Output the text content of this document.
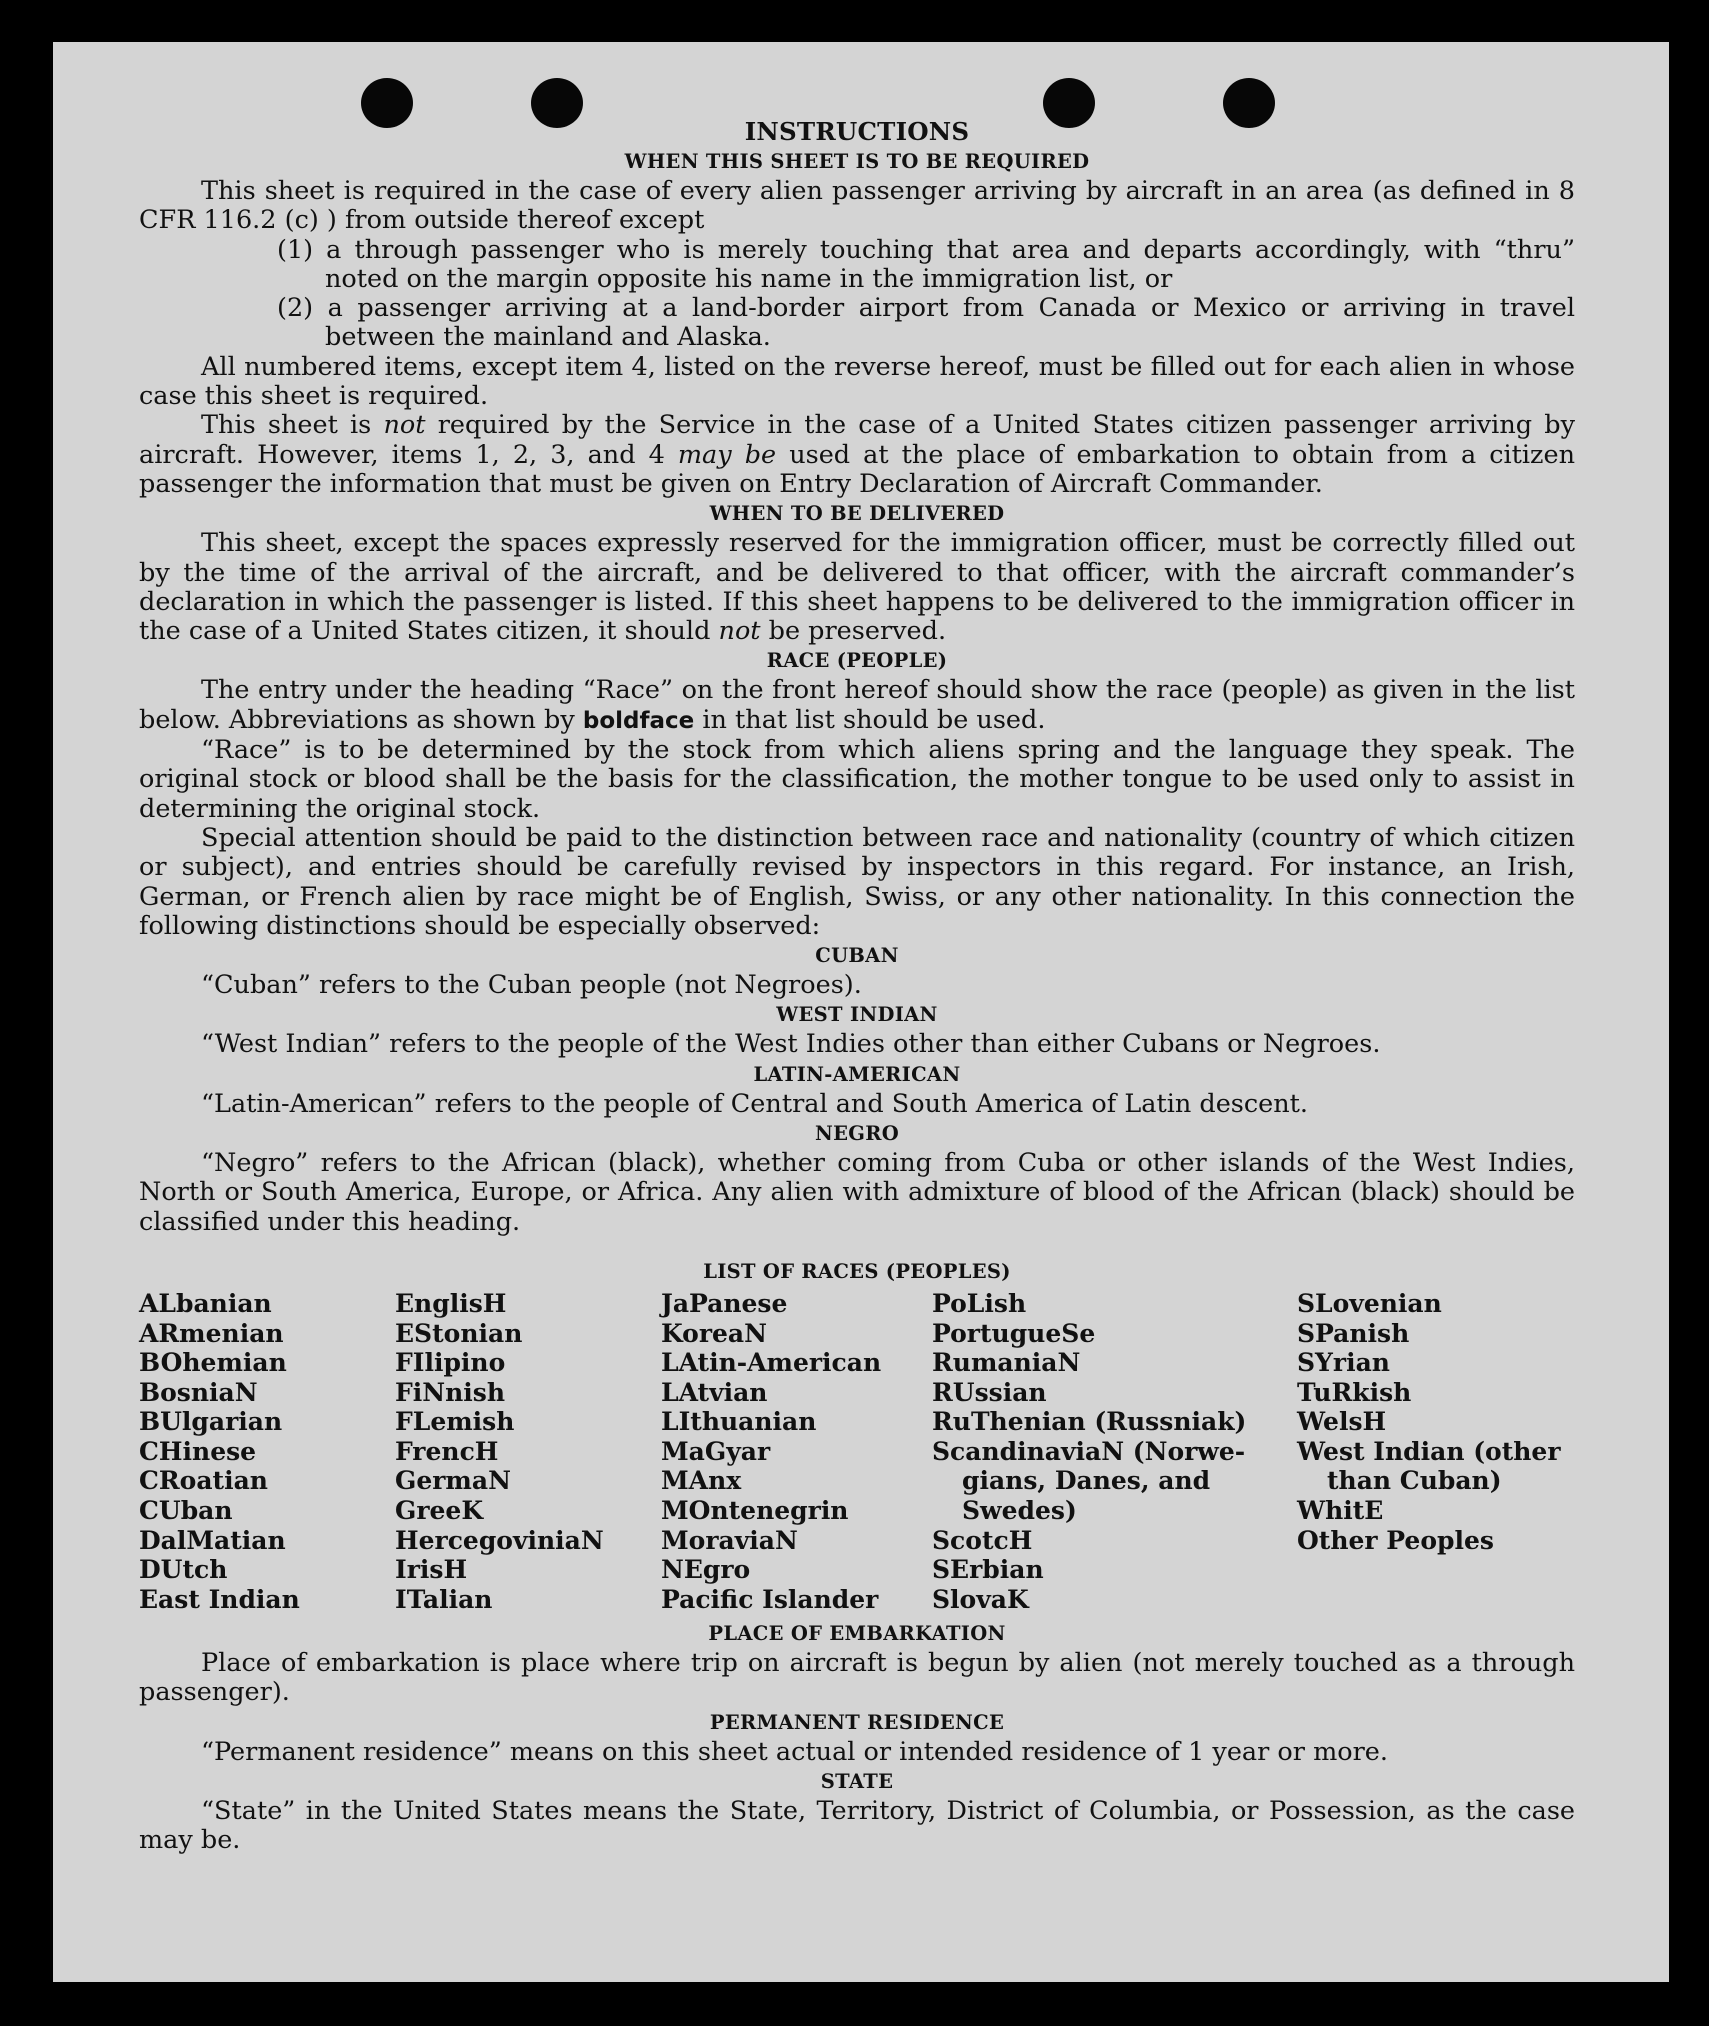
INSTRUCTIONS
WHEN THIS SHEET IS TO BE REQUIRED
This sheet is required in the case of every alien passenger arriving by aircraft in an area (as defined in 8 CFR 116.2 (c) ) from outside thereof except
(1) a through passenger who is merely touching that area and departs accordingly, with “thru” noted on the margin opposite his name in the immigration list, or
(2) a passenger arriving at a land-border airport from Canada or Mexico or arriving in travel between the mainland and Alaska.
All numbered items, except item 4, listed on the reverse hereof, must be filled out for each alien in whose case this sheet is required.
This sheet is not required by the Service in the case of a United States citizen passenger arriving by aircraft. However, items 1, 2, 3, and 4 may be used at the place of embarkation to obtain from a citizen passenger the information that must be given on Entry Declaration of Aircraft Commander.
WHEN TO BE DELIVERED
This sheet, except the spaces expressly reserved for the immigration officer, must be correctly filled out by the time of the arrival of the aircraft, and be delivered to that officer, with the aircraft commander’s declaration in which the passenger is listed. If this sheet happens to be delivered to the immigration officer in the case of a United States citizen, it should not be preserved.
RACE (PEOPLE)
The entry under the heading “Race” on the front hereof should show the race (people) as given in the list below. Abbreviations as shown by boldface in that list should be used.
“Race” is to be determined by the stock from which aliens spring and the language they speak. The original stock or blood shall be the basis for the classification, the mother tongue to be used only to assist in determining the original stock.
Special attention should be paid to the distinction between race and nationality (country of which citizen or subject), and entries should be carefully revised by inspectors in this regard. For instance, an Irish, German, or French alien by race might be of English, Swiss, or any other nationality. In this connection the following distinctions should be especially observed:
CUBAN
“Cuban” refers to the Cuban people (not Negroes).
WEST INDIAN
“West Indian” refers to the people of the West Indies other than either Cubans or Negroes.
LATIN-AMERICAN
“Latin-American” refers to the people of Central and South America of Latin descent.
NEGRO
“Negro” refers to the African (black), whether coming from Cuba or other islands of the West Indies, North or South America, Europe, or Africa. Any alien with admixture of blood of the African (black) should be classified under this heading.
LIST OF RACES (PEOPLES)
ALbanian
ARmenian
BOhemian
BosniaN
BUlgarian
CHinese
CRoatian
CUban
DalMatian
DUtch
East Indian
EnglisH
EStonian
FIlipino
FiNnish
FLemish
FrencH
GermaN
GreeK
HercegoviniaN
IrisH
ITalian
JaPanese
KoreaN
LAtin-American
LAtvian
LIthuanian
MaGyar
MAnx
MOntenegrin
MoraviaN
NEgro
Pacific Islander
PoLish
PortugueSe
RumaniaN
RUssian
RuThenian (Russniak)
ScandinaviaN (Norwe-
gians, Danes, and
Swedes)
ScotcH
SErbian
SlovaK
SLovenian
SPanish
SYrian
TuRkish
WelsH
West Indian (other
than Cuban)
WhitE
Other Peoples
PLACE OF EMBARKATION
Place of embarkation is place where trip on aircraft is begun by alien (not merely touched as a through passenger).
PERMANENT RESIDENCE
“Permanent residence” means on this sheet actual or intended residence of 1 year or more.
STATE
“State” in the United States means the State, Territory, District of Columbia, or Possession, as the case may be.
